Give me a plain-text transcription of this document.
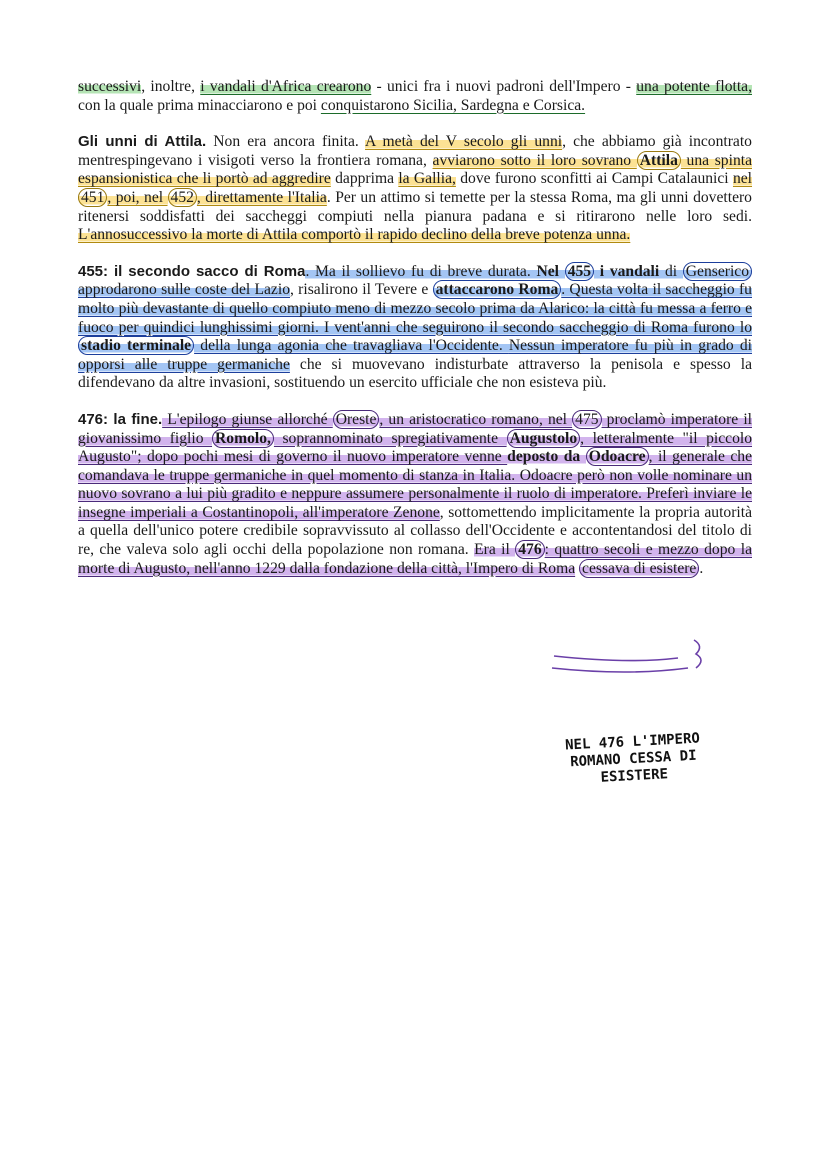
successivi, inoltre, i vandali d'Africa crearono - unici fra i nuovi padroni dell'Impero - una potente flotta, con la quale prima minacciarono e poi conquistarono Sicilia, Sardegna e Corsica.

Gli unni di Attila. Non era ancora finita. A metà del V secolo gli unni, che abbiamo già incontrato mentrespingevano i visigoti verso la frontiera romana, avviarono sotto il loro sovrano Attila una spinta espansionistica che li portò ad aggredire dapprima la Gallia, dove furono sconfitti ai Campi Catalaunici nel 451 , poi, nel 452 , direttamente l'Italia. Per un attimo si temette per la stessa Roma, ma gli unni dovettero ritenersi soddisfatti dei saccheggi compiuti nella pianura padana e si ritirarono nelle loro sedi. L'annosuccessivo la morte di Attila comportò il rapido declino della breve potenza unna.

455: il secondo sacco di Roma. Ma il sollievo fu di breve durata. Nel 455 i vandali di Genserico approdarono sulle coste del Lazio, risalirono il Tevere e attaccarono Roma . Questa volta il saccheggio fu molto più devastante di quello compiuto meno di mezzo secolo prima da Alarico: la città fu messa a ferro e fuoco per quindici lunghissimi giorni. I vent'anni che seguirono il secondo saccheggio di Roma furono lo stadio terminale della lunga agonia che travagliava l'Occidente. Nessun imperatore fu più in grado di opporsi alle truppe germaniche che si muovevano indisturbate attraverso la penisola e spesso la difendevano da altre invasioni, sostituendo un esercito ufficiale che non esisteva più.

476: la fine. L'epilogo giunse allorché Oreste , un aristocratico romano, nel 475 proclamò imperatore il giovanissimo figlio Romolo, soprannominato spregiativamente Augustolo , letteralmente "il piccolo Augusto"; dopo pochi mesi di governo il nuovo imperatore venne deposto da Odoacre , il generale che comandava le truppe germaniche in quel momento di stanza in Italia. Odoacre però non volle nominare un nuovo sovrano a lui più gradito e neppure assumere personalmente il ruolo di imperatore. Preferì inviare le insegne imperiali a Costantinopoli, all'imperatore Zenone, sottomettendo implicitamente la propria autorità a quella dell'unico potere credibile sopravvissuto al collasso dell'Occidente e accontentandosi del titolo di re, che valeva solo agli occhi della popolazione non romana. Era il 476 : quattro secoli e mezzo dopo la morte di Augusto, nell'anno 1229 dalla fondazione della città, l'Impero di Roma cessava di esistere .

NEL 476 L'IMPERO
ROMANO CESSA DI
ESISTERE
